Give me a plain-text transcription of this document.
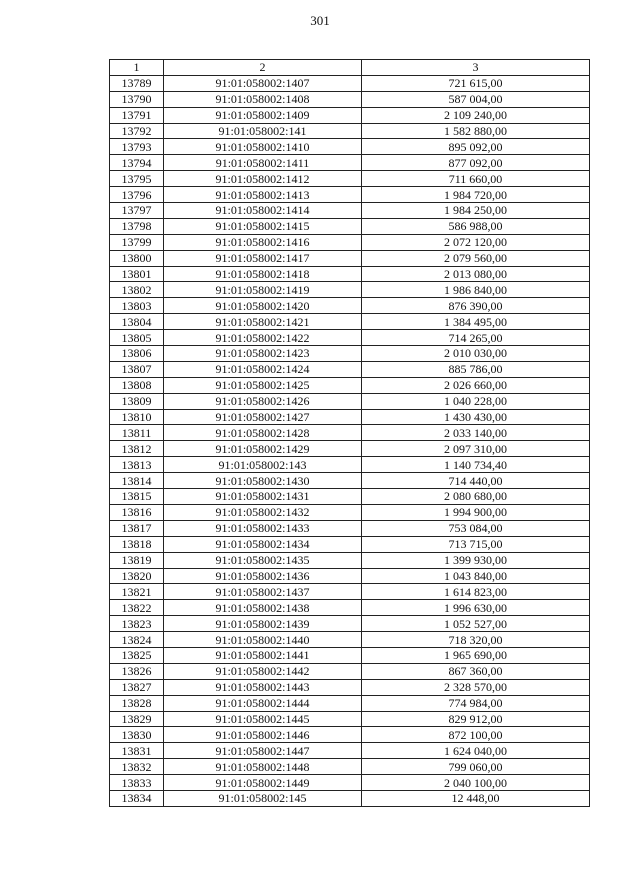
301
1	2	3
13789	91:01:058002:1407	721 615,00
13790	91:01:058002:1408	587 004,00
13791	91:01:058002:1409	2 109 240,00
13792	91:01:058002:141	1 582 880,00
13793	91:01:058002:1410	895 092,00
13794	91:01:058002:1411	877 092,00
13795	91:01:058002:1412	711 660,00
13796	91:01:058002:1413	1 984 720,00
13797	91:01:058002:1414	1 984 250,00
13798	91:01:058002:1415	586 988,00
13799	91:01:058002:1416	2 072 120,00
13800	91:01:058002:1417	2 079 560,00
13801	91:01:058002:1418	2 013 080,00
13802	91:01:058002:1419	1 986 840,00
13803	91:01:058002:1420	876 390,00
13804	91:01:058002:1421	1 384 495,00
13805	91:01:058002:1422	714 265,00
13806	91:01:058002:1423	2 010 030,00
13807	91:01:058002:1424	885 786,00
13808	91:01:058002:1425	2 026 660,00
13809	91:01:058002:1426	1 040 228,00
13810	91:01:058002:1427	1 430 430,00
13811	91:01:058002:1428	2 033 140,00
13812	91:01:058002:1429	2 097 310,00
13813	91:01:058002:143	1 140 734,40
13814	91:01:058002:1430	714 440,00
13815	91:01:058002:1431	2 080 680,00
13816	91:01:058002:1432	1 994 900,00
13817	91:01:058002:1433	753 084,00
13818	91:01:058002:1434	713 715,00
13819	91:01:058002:1435	1 399 930,00
13820	91:01:058002:1436	1 043 840,00
13821	91:01:058002:1437	1 614 823,00
13822	91:01:058002:1438	1 996 630,00
13823	91:01:058002:1439	1 052 527,00
13824	91:01:058002:1440	718 320,00
13825	91:01:058002:1441	1 965 690,00
13826	91:01:058002:1442	867 360,00
13827	91:01:058002:1443	2 328 570,00
13828	91:01:058002:1444	774 984,00
13829	91:01:058002:1445	829 912,00
13830	91:01:058002:1446	872 100,00
13831	91:01:058002:1447	1 624 040,00
13832	91:01:058002:1448	799 060,00
13833	91:01:058002:1449	2 040 100,00
13834	91:01:058002:145	12 448,00
